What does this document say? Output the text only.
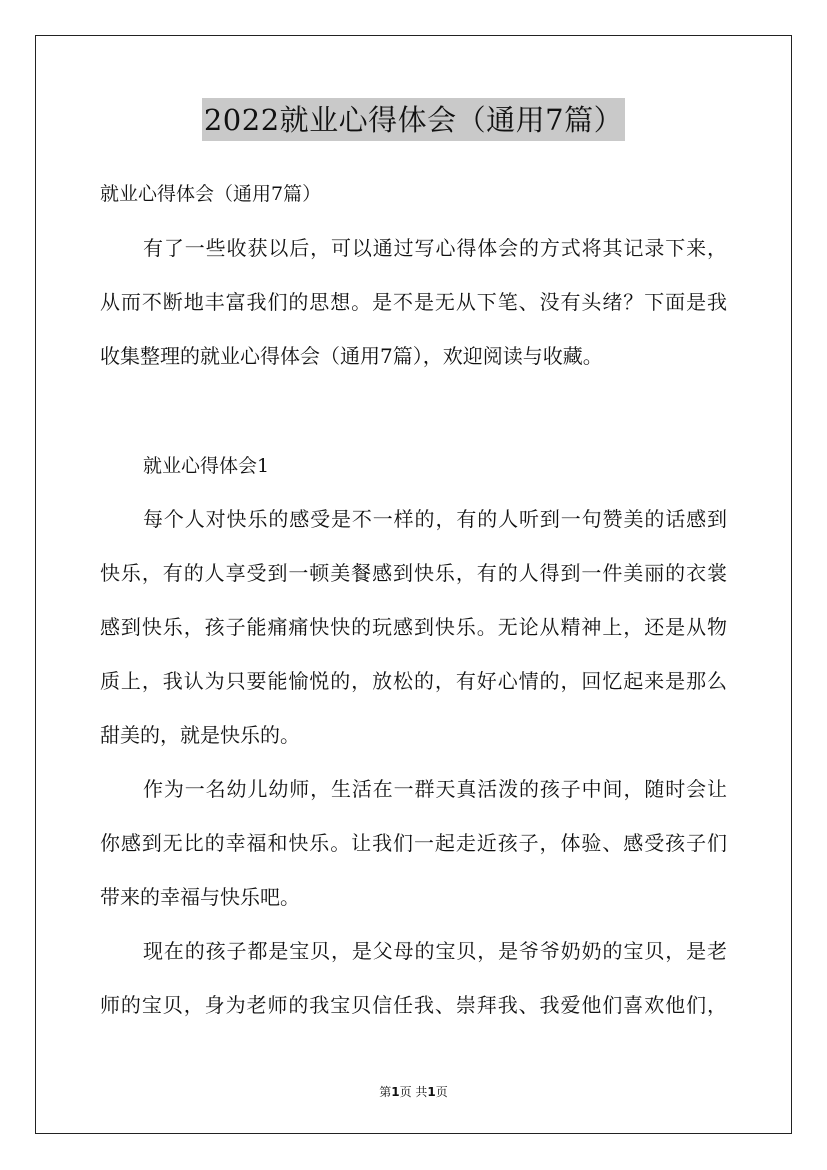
2022就业心得体会（通用7篇）
就业心得体会（通用7篇）
有了一些收获以后，可以通过写心得体会的方式将其记录下来，
从而不断地丰富我们的思想。是不是无从下笔、没有头绪？下面是我
收集整理的就业心得体会（通用7篇），欢迎阅读与收藏。
就业心得体会1
每个人对快乐的感受是不一样的，有的人听到一句赞美的话感到
快乐，有的人享受到一顿美餐感到快乐，有的人得到一件美丽的衣裳
感到快乐，孩子能痛痛快快的玩感到快乐。无论从精神上，还是从物
质上，我认为只要能愉悦的，放松的，有好心情的，回忆起来是那么
甜美的，就是快乐的。
作为一名幼儿幼师，生活在一群天真活泼的孩子中间，随时会让
你感到无比的幸福和快乐。让我们一起走近孩子，体验、感受孩子们
带来的幸福与快乐吧。
现在的孩子都是宝贝，是父母的宝贝，是爷爷奶奶的宝贝，是老
师的宝贝，身为老师的我宝贝信任我、崇拜我、我爱他们喜欢他们，
第1页 共1页
